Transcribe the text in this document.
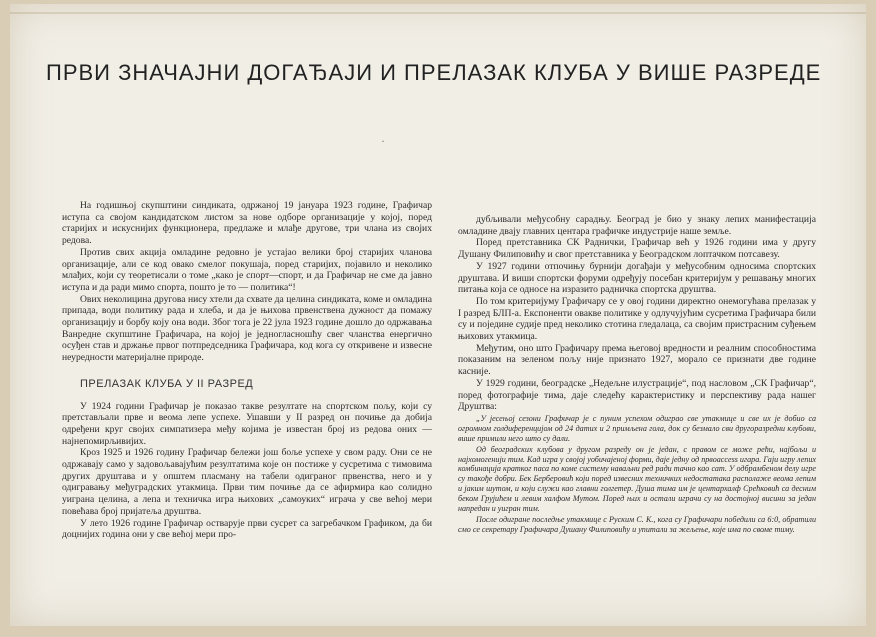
ПРВИ ЗНАЧАЈНИ ДОГАЂАЈИ И ПРЕЛАЗАК КЛУБА У ВИШЕ РАЗРЕДЕ
·

На годишњој скупштини синдиката, одржаној 19 јануара 1923 године, Графичар иступа са својом кандидатском листом за нове одборе организације у којој, поред старијих и искуснијих функционера, предлаже и млађе другове, три члана из својих редова.

Против свих акција омладине редовно је устајао велики број старијих чланова организације, али се код овако смелог покушаја, поред старијих, појавило и неколико млађих, који су теоретисали о томе „како је спорт—спорт, и да Графичар не сме да јавно иступа и да ради мимо спорта, пошто је то — политика“!

Ових неколицина другова нису хтели да схвате да целина синдиката, коме и омладина припада, води политику рада и хлеба, и да је њихова првенствена дужност да помажу организацију и борбу коју она води. Због тога је 22 јула 1923 године дошло до одржавања Ванредне скупштине Графичара, на којој је једногласношћу свег чланства енергично осуђен став и држање првог потпредседника Графичара, код кога су откривене и извесне неуредности материјалне природе.

ПРЕЛАЗАК КЛУБА У II РАЗРЕД

У 1924 години Графичар је показао такве резултате на спортском пољу, који су претстављали прве и веома лепе успехе. Ушавши у II разред он почиње да добија одређени круг својих симпатизера међу којима је известан број из редова оних — најнепомирљивијих.

Кроз 1925 и 1926 годину Графичар бележи још боље успехе у свом раду. Они се не одржавају само у задовољавајућим резултатима које он постиже у сусретима с тимовима других друштава и у општем пласману на табели одиграног првенства, него и у одигравању међуградских утакмица. Први тим почиње да се афирмира као солидно уиграна целина, а лепа и техничка игра њихових „самоуких“ играча у све већој мери повећава број пријатеља друштва.

У лето 1926 године Графичар остварује први сусрет са загребачком Графиком, да би доцнијих година они у све већој мери про-

дубљивали међусобну сарадњу. Београд је био у знаку лепих манифестација омладине двају главних центара графичке индустрије наше земље.

Поред претставника СК Раднички, Графичар већ у 1926 години има у другу Душану Филиповићу и свог претставника у Београдском лоптачком потсавезу.

У 1927 години отпочињу бурнији догађаји у међусобним односима спортских друштава. И виши спортски форуми одређују посебан критеријум у решавању многих питања која се односе на изразито радничка спортска друштва.

По том критеријуму Графичару се у овој години директно онемогућава прелазак у I разред БЛП-а. Експоненти овакве политике у одлучујућим сусретима Графичара били су и поједине судије пред неколико стотина гледалаца, са својим пристрасним суђењем њихових утакмица.

Међутим, оно што Графичару према његовој вредности и реалним способностима показаним на зеленом пољу није признато 1927, морало се признати две године касније.

У 1929 години, београдске „Недељне илустрације“, под насловом „СК Графичар“, поред фотографије тима, даје следећу карактеристику и перспективу рада нашег Друштва:

„У јесењој сезони Графичар је с пуним успехом одиграо све утакмице и све их је добио са огромном голдиференцијом од 24 датих и 2 примљена гола, док су безмало сви другоразредни клубови, више примили него што су дали.

Од београдских клубова у другом разреду он је један, с правом се може рећи, најбољи и најхомогенији тим. Кад игра у својој уобичајеној форми, даје једну од првоaccess игара. Гаји игру лепих комбинација кратког паса по коме систему наваљни ред ради тачно као сат. У одбрамбеном делу игре су такође добри. Бек Берберовић који поред извесних техничких недостатака располаже веома лепим и јаким шутом, и који служи као главни голгетер. Душа тима им је центархалф Срећковић са десним беком Грујићем и левим халфом Мутом. Поред њих и остали играчи су на достојној висини за један напредан и уигран тим.

После одигране последње утакмице с Руским С. К., кога су Графичари победили са 6:0, обратили смо се секретару Графичара Душану Филиповићу и упитали за жељење, које има по своме тиму.
